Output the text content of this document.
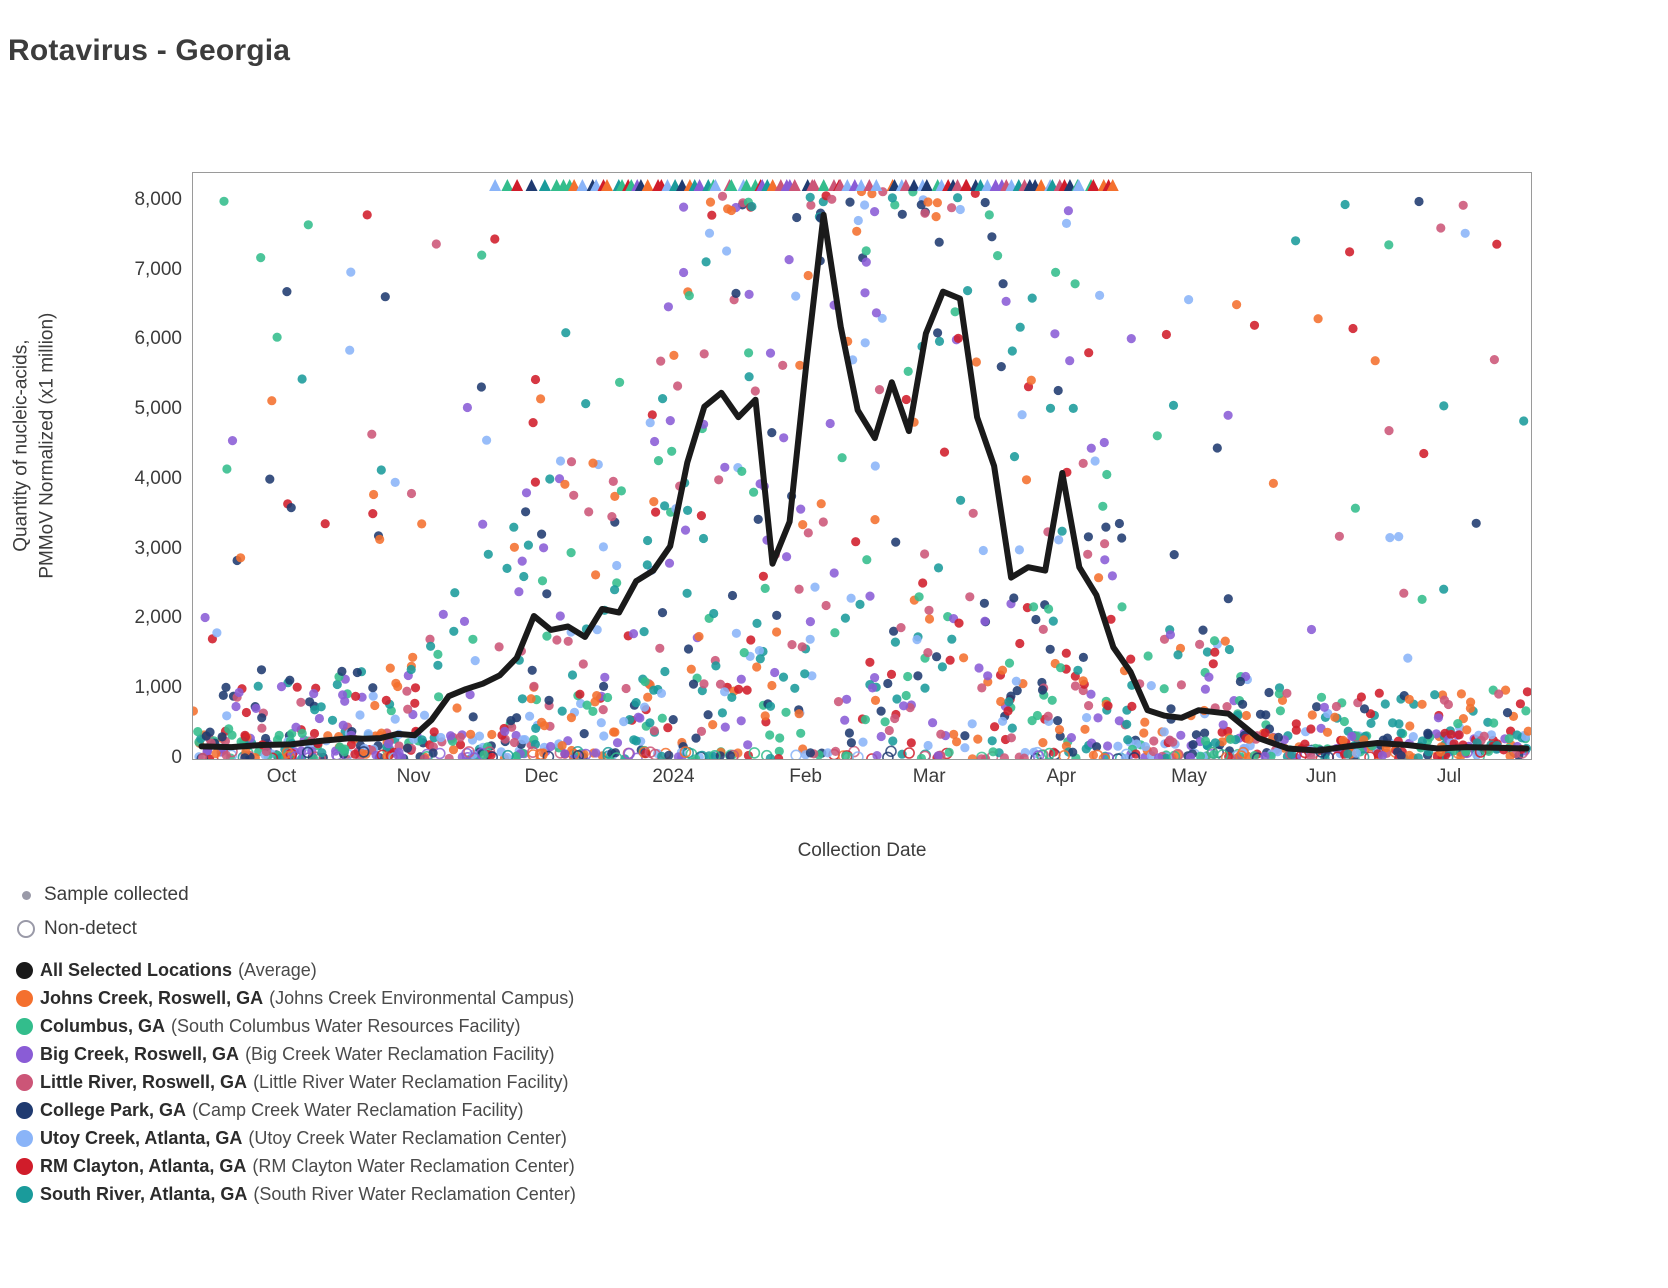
Rotavirus - Georgia
0
1,000
2,000
3,000
4,000
5,000
6,000
7,000
8,000
Quantity of nucleic-acids, PMMoV Normalized (x1 million)
Oct	Nov	Dec	2024	Feb	Mar	Apr	May	Jun	Jul
Collection Date
Sample collected
Non-detect
All Selected Locations (Average)
Johns Creek, Roswell, GA (Johns Creek Environmental Campus)
Columbus, GA (South Columbus Water Resources Facility)
Big Creek, Roswell, GA (Big Creek Water Reclamation Facility)
Little River, Roswell, GA (Little River Water Reclamation Facility)
College Park, GA (Camp Creek Water Reclamation Facility)
Utoy Creek, Atlanta, GA (Utoy Creek Water Reclamation Center)
RM Clayton, Atlanta, GA (RM Clayton Water Reclamation Center)
South River, Atlanta, GA (South River Water Reclamation Center)
